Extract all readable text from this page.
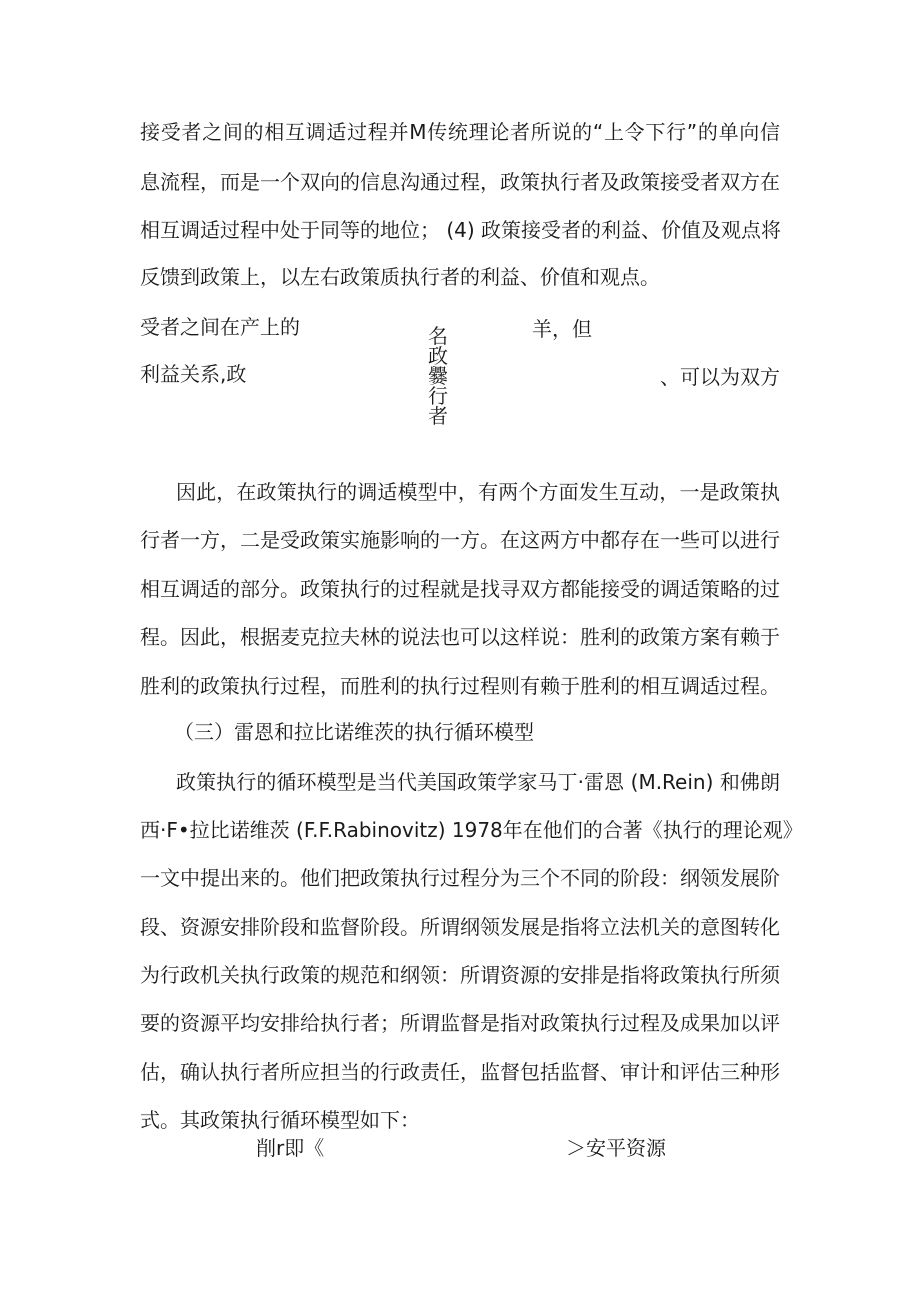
接受者之间的相互调适过程并M传统理论者所说的“上令下行”的单向信
息流程，而是一个双向的信息沟通过程，政策执行者及政策接受者双方在
相互调适过程中处于同等的地位； (4) 政策接受者的利益、价值及观点将
反馈到政策上，以左右政策质执行者的利益、价值和观点。
受者之间在产上的
利益关系,政
名政爨行者
羊，但
、可以为双方
因此，在政策执行的调适模型中，有两个方面发生互动，一是政策执
行者一方，二是受政策实施影响的一方。在这两方中都存在一些可以进行
相互调适的部分。政策执行的过程就是找寻双方都能接受的调适策略的过
程。因此，根据麦克拉夫林的说法也可以这样说：胜利的政策方案有赖于
胜利的政策执行过程，而胜利的执行过程则有赖于胜利的相互调适过程。
（三）雷恩和拉比诺维茨的执行循环模型
政策执行的循环模型是当代美国政策学家马丁·雷恩 (M.Rein) 和佛朗
西·F•拉比诺维茨 (F.F.Rabinovitz) 1978年在他们的合著《执行的理论观》
一文中提出来的。他们把政策执行过程分为三个不同的阶段：纲领发展阶
段、资源安排阶段和监督阶段。所谓纲领发展是指将立法机关的意图转化
为行政机关执行政策的规范和纲领：所谓资源的安排是指将政策执行所须
要的资源平均安排给执行者；所谓监督是指对政策执行过程及成果加以评
估，确认执行者所应担当的行政责任，监督包括监督、审计和评估三种形
式。其政策执行循环模型如下：
削r即《	＞安平资源
